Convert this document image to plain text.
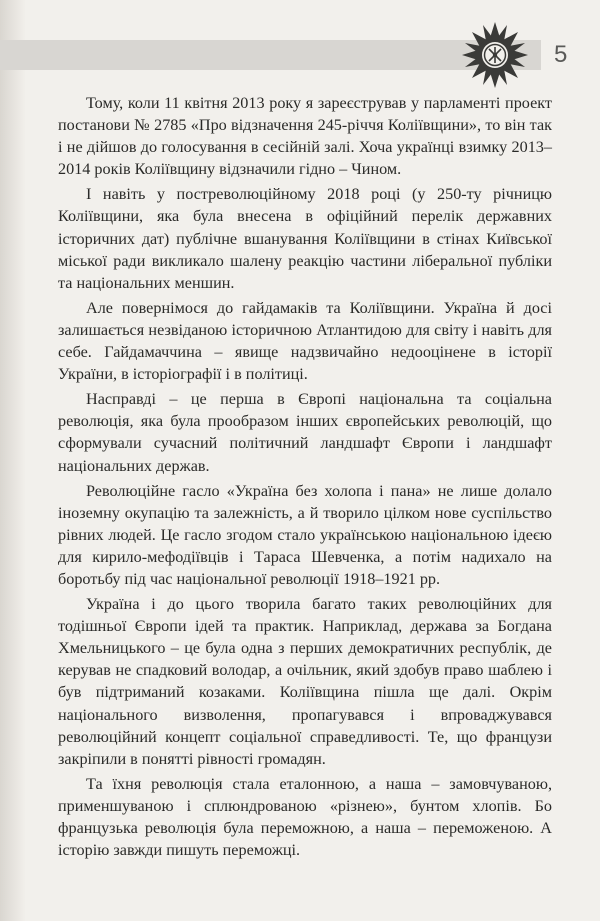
5

Тому, коли 11 квітня 2013 року я зареєстрував у парламенті проект постанови № 2785 «Про відзначення 245-річчя Коліївщини», то він так і не дійшов до голосування в сесійній залі. Хоча українці взимку 2013–2014 років Коліївщину відзначили гідно – Чином.

І навіть у постреволюційному 2018 році (у 250-ту річницю Коліївщини, яка була внесена в офіційний перелік державних історичних дат) публічне вшанування Коліївщини в стінах Київської міської ради викликало шалену реакцію частини ліберальної публіки та національних меншин.

Але повернімося до гайдамаків та Коліївщини. Україна й досі залишається незвіданою історичною Атлантидою для світу і навіть для себе. Гайдамаччина – явище надзвичайно недооцінене в історії України, в історіографії і в політиці.

Насправді – це перша в Європі національна та соціальна революція, яка була прообразом інших європейських революцій, що сформували сучасний політичний ландшафт Європи і ландшафт національних держав.

Революційне гасло «Україна без холопа і пана» не лише долало іноземну окупацію та залежність, а й творило цілком нове суспільство рівних людей. Це гасло згодом стало українською національною ідеєю для кирило-мефодіївців і Тараса Шевченка, а потім надихало на боротьбу під час національної революції 1918–1921 рр.

Україна і до цього творила багато таких революційних для тодішньої Європи ідей та практик. Наприклад, держава за Богдана Хмельницького – це була одна з перших демократичних республік, де керував не спадковий володар, а очільник, який здобув право шаблею і був підтриманий козаками. Коліївщина пішла ще далі. Окрім національного визволення, пропагувався і впроваджувався революційний концепт соціальної справедливості. Те, що французи закріпили в понятті рівності громадян.

Та їхня революція стала еталонною, а наша – замовчуваною, применшуваною і сплюндрованою «різнею», бунтом хлопів. Бо французька революція була переможною, а наша – переможеною. А історію завжди пишуть переможці.
